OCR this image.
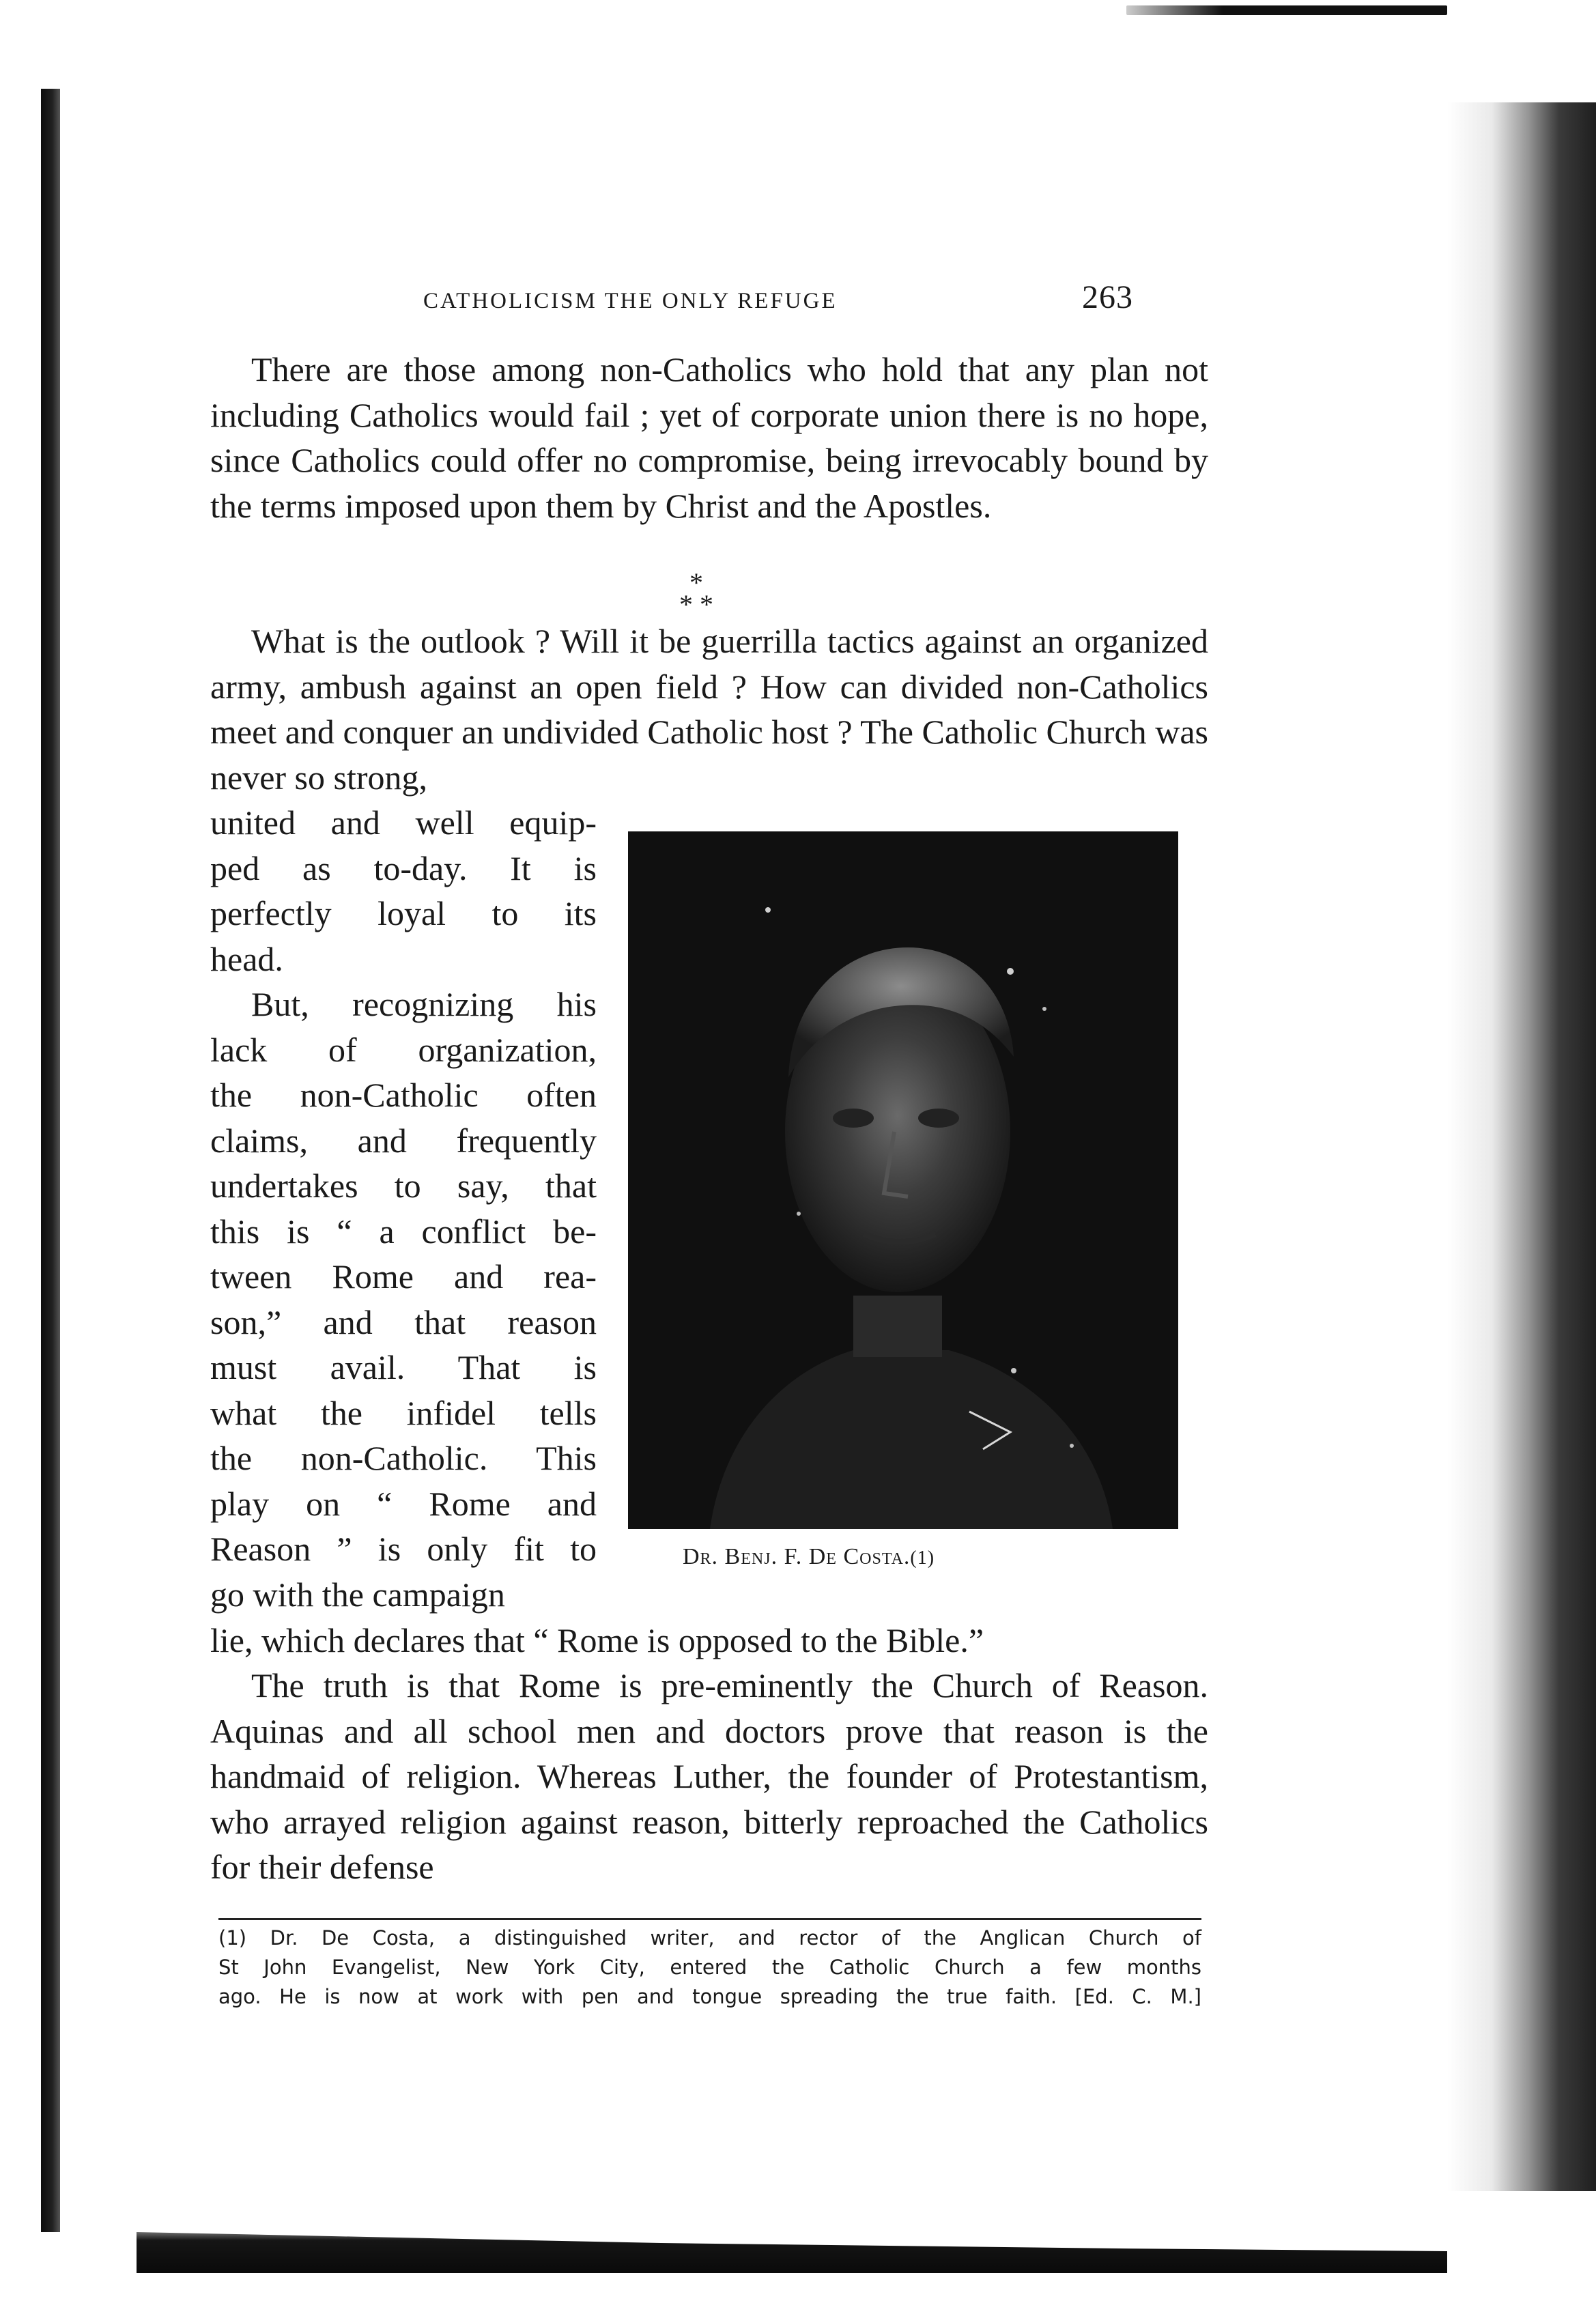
CATHOLICISM THE ONLY REFUGE	263

There are those among non-Catholics who hold that any plan not including Catholics would fail ; yet of corporate union there is no hope, since Catholics could offer no compromise, being irrevocably bound by the terms imposed upon them by Christ and the Apostles.

*
* *

What is the outlook ? Will it be guerrilla tactics against an organized army, ambush against an open field ? How can divided non-Catholics meet and conquer an undivided Catholic host ? The Catholic Church was never so strong,

united and well equip-
ped as to-day. It is
perfectly loyal to its
head.
But, recognizing his
lack of organization,
the non-Catholic often
claims, and frequently
undertakes to say, that
this is “ a conflict be-
tween Rome and rea-
son,” and that reason
must avail. That is
what the infidel tells
the non-Catholic. This
play on “ Rome and
Reason ” is only fit to
go with the campaign
Dr. Benj. F. De Costa.(1)

lie, which declares that “ Rome is opposed to the Bible.”

The truth is that Rome is pre-eminently the Church of Reason. Aquinas and all school men and doctors prove that reason is the handmaid of religion. Whereas Luther, the founder of Protestantism, who arrayed religion against reason, bitterly reproached the Catholics for their defense

(1) Dr. De Costa, a distinguished writer, and rector of the Anglican Church of
St John Evangelist, New York City, entered the Catholic Church a few months
ago. He is now at work with pen and tongue spreading the true faith. [Ed. C. M.]
